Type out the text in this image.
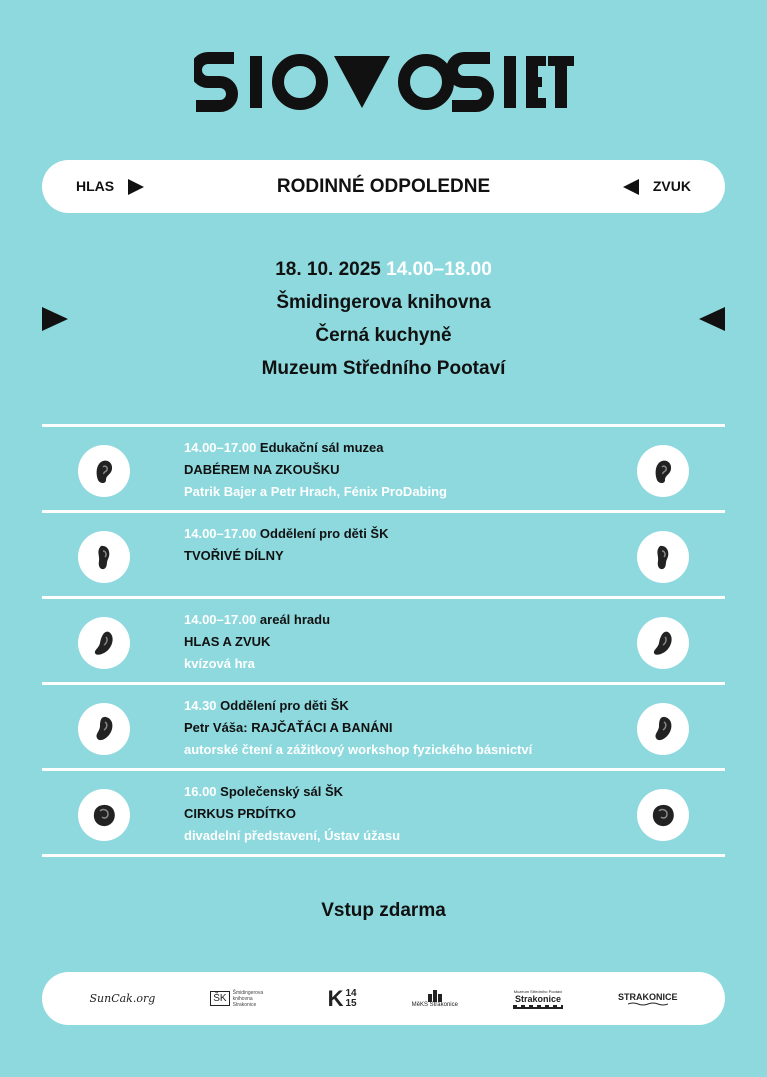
RODINNÉ ODPOLEDNE
HLAS	ZVUK
18. 10. 2025 14.00–18.00
Šmidingerova knihovna
Černá kuchyně
Muzeum Středního Pootaví
14.00–17.00 Edukační sál muzea
DABÉREM NA ZKOUŠKU
Patrik Bajer a Petr Hrach, Fénix ProDabing
14.00–17.00 Oddělení pro děti ŠK
TVOŘIVÉ DÍLNY
14.00–17.00 areál hradu
HLAS A ZVUK
kvízová hra
14.30 Oddělení pro děti ŠK
Petr Váša: RAJČAŤÁCI A BANÁNI
autorské čtení a zážitkový workshop fyzického básnictví
16.00 Společenský sál ŠK
CIRKUS PRDÍTKO
divadelní představení, Ústav úžasu
Vstup zdarma
SunCak.org	ŠK
Šmidingerova knihovna Strakonice	K 14
15	MěKS Strakonice
Muzeum Středního Pootaví
Strakonice	STRAKONICE
